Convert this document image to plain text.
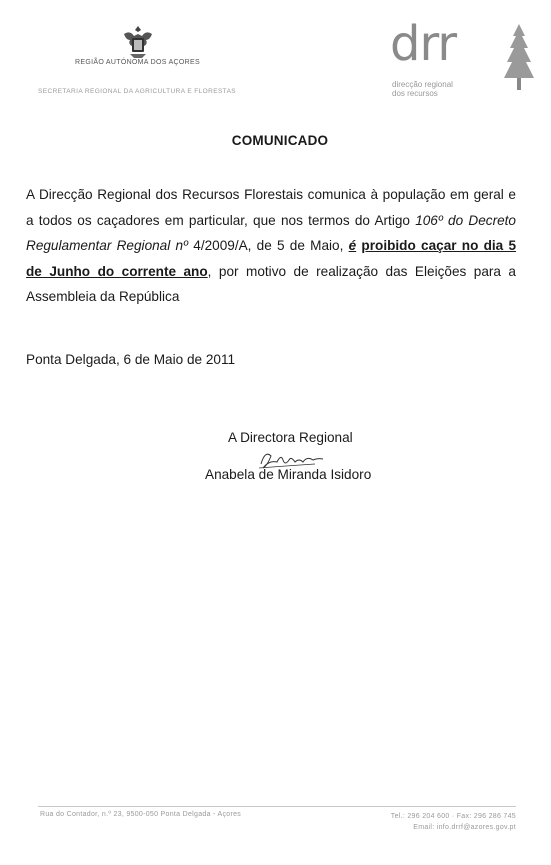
REGIÃO AUTÓNOMA DOS AÇORES
SECRETARIA REGIONAL DA AGRICULTURA E FLORESTAS
drr
direcção regional
dos recursos
COMUNICADO
A Direcção Regional dos Recursos Florestais comunica à população em geral e a todos os caçadores em particular, que nos termos do Artigo 106º do Decreto Regulamentar Regional nº 4/2009/A, de 5 de Maio, é proibido caçar no dia 5 de Junho do corrente ano, por motivo de realização das Eleições para a Assembleia da República
Ponta Delgada, 6 de Maio de 2011
A Directora Regional
Anabela de Miranda Isidoro
Rua do Contador, n.º 23, 9500-050 Ponta Delgada - Açores	Tel.: 296 204 600 · Fax: 296 286 745
Email: info.drrf@azores.gov.pt
